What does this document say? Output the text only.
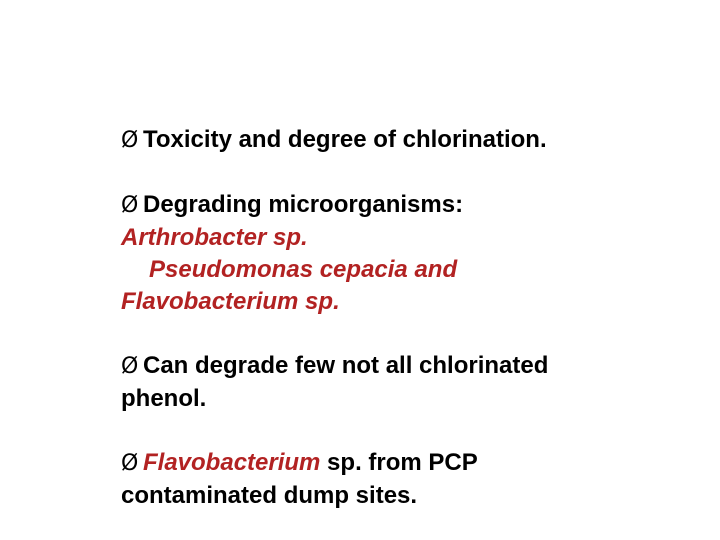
Ø Toxicity and degree of chlorination.

Ø Degrading microorganisms:

Arthrobacter sp.

Pseudomonas cepacia and

Flavobacterium sp.

Ø Can degrade few not all chlorinated

phenol.

Ø Flavobacterium sp. from PCP

contaminated dump sites.
